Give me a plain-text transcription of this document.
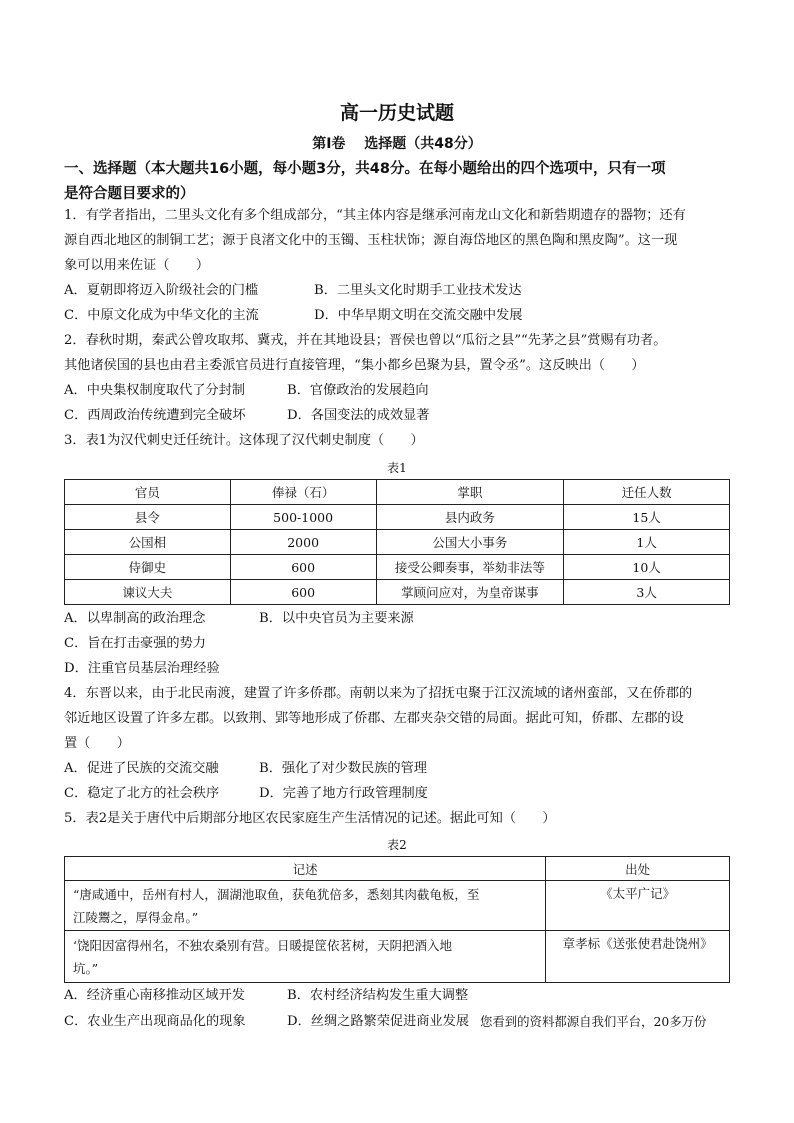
高一历史试题
第Ⅰ卷　 选择题（共48分）
一、选择题（本大题共16小题，每小题3分，共48分。在每小题给出的四个选项中，只有一项
是符合题目要求的）
1．有学者指出，二里头文化有多个组成部分，“其主体内容是继承河南龙山文化和新砦期遗存的器物；还有
源自西北地区的制铜工艺；源于良渚文化中的玉镯、玉柱状饰；源自海岱地区的黑色陶和黑皮陶”。这一现
象可以用来佐证（　　）
A．夏朝即将迈入阶级社会的门槛	B．二里头文化时期手工业技术发达
C．中原文化成为中华文化的主流	D．中华早期文明在交流交融中发展
2．春秋时期，秦武公曾攻取邦、冀戎，并在其地设县；晋侯也曾以“瓜衍之县”“先茅之县”赏赐有功者。
其他诸侯国的县也由君主委派官员进行直接管理，“集小都乡邑聚为县，置令丞”。这反映出（　　）
A．中央集权制度取代了分封制	B．官僚政治的发展趋向
C．西周政治传统遭到完全破坏	D．各国变法的成效显著
3．表1为汉代刺史迁任统计。这体现了汉代刺史制度（　　）
表1
官员	俸禄（石）	掌职	迁任人数
县令	500-1000	县内政务	15人
公国相	2000	公国大小事务	1人
侍御史	600	接受公卿奏事，举劾非法等	10人
谏议大夫	600	掌顾问应对，为皇帝谋事	3人
A．以卑制高的政治理念	B．以中央官员为主要来源
C．旨在打击豪强的势力
D．注重官员基层治理经验
4．东晋以来，由于北民南渡，建置了许多侨郡。南朝以来为了招抚屯聚于江汉流域的诸州蛮部，又在侨郡的
邻近地区设置了许多左郡。以致荆、郢等地形成了侨郡、左郡夹杂交错的局面。据此可知，侨郡、左郡的设
置（　　）
A．促进了民族的交流交融	B．强化了对少数民族的管理
C．稳定了北方的社会秩序	D．完善了地方行政管理制度
5．表2是关于唐代中后期部分地区农民家庭生产生活情况的记述。据此可知（　　）
表2
记述	出处

“唐咸通中，岳州有村人，涸湖池取鱼，获龟犹倍多，悉刻其肉截龟板，至
江陵鬻之，厚得金帛。”	《太平广记》

‘饶阳因富得州名，不独农桑别有营。日暖提筐依茗树，天阴把酒入地
坑。”	章孝标《送张使君赴饶州》
A．经济重心南移推动区域开发	B．农村经济结构发生重大调整
C．农业生产出现商品化的现象	D．丝绸之路繁荣促进商业发展 您看到的资料都源自我们平台，20多万份
